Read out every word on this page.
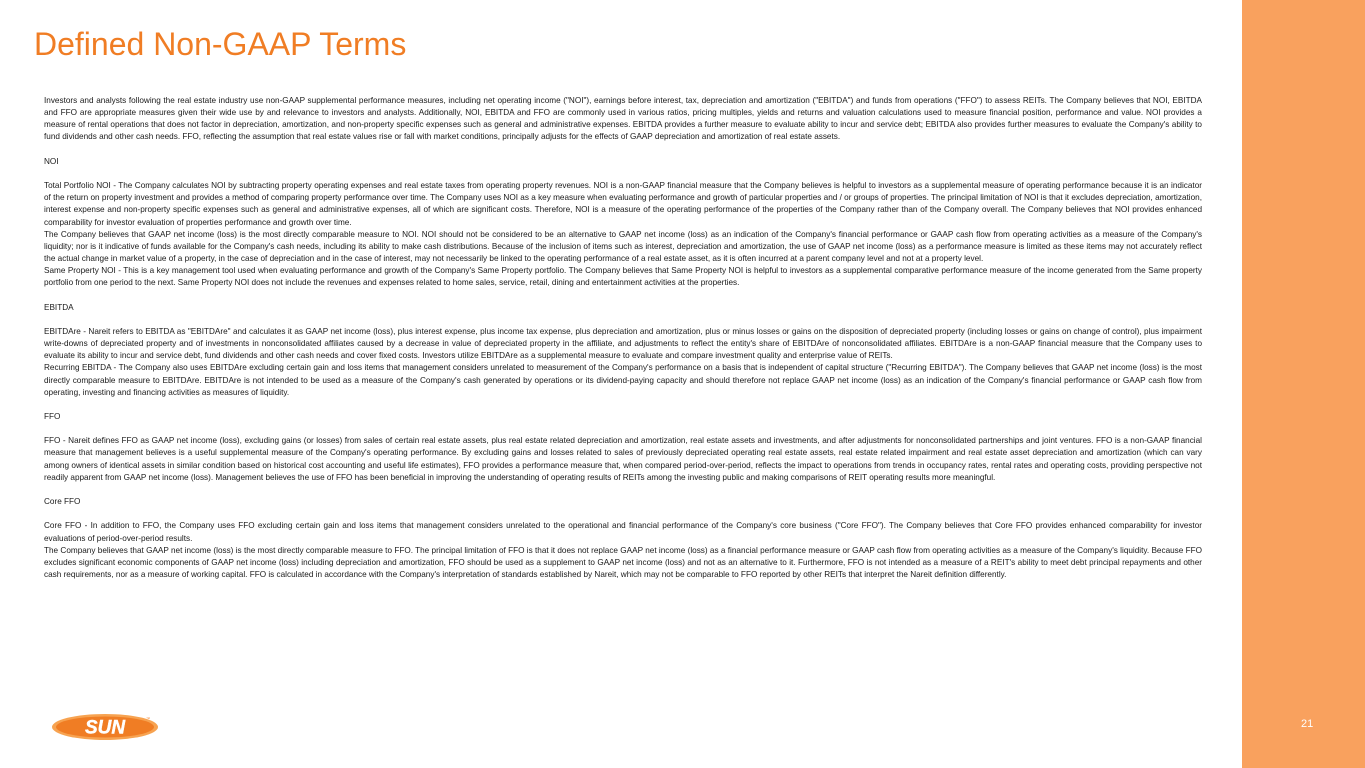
Defined Non-GAAP Terms

Investors and analysts following the real estate industry use non-GAAP supplemental performance measures, including net operating income ("NOI"), earnings before interest, tax, depreciation and amortization ("EBITDA") and funds from operations ("FFO") to assess REITs. The Company believes that NOI, EBITDA and FFO are appropriate measures given their wide use by and relevance to investors and analysts. Additionally, NOI, EBITDA and FFO are commonly used in various ratios, pricing multiples, yields and returns and valuation calculations used to measure financial position, performance and value. NOI provides a measure of rental operations that does not factor in depreciation, amortization, and non-property specific expenses such as general and administrative expenses. EBITDA provides a further measure to evaluate ability to incur and service debt; EBITDA also provides further measures to evaluate the Company's ability to fund dividends and other cash needs. FFO, reflecting the assumption that real estate values rise or fall with market conditions, principally adjusts for the effects of GAAP depreciation and amortization of real estate assets.

NOI

Total Portfolio NOI - The Company calculates NOI by subtracting property operating expenses and real estate taxes from operating property revenues. NOI is a non-GAAP financial measure that the Company believes is helpful to investors as a supplemental measure of operating performance because it is an indicator of the return on property investment and provides a method of comparing property performance over time. The Company uses NOI as a key measure when evaluating performance and growth of particular properties and / or groups of properties. The principal limitation of NOI is that it excludes depreciation, amortization, interest expense and non-property specific expenses such as general and administrative expenses, all of which are significant costs. Therefore, NOI is a measure of the operating performance of the properties of the Company rather than of the Company overall. The Company believes that NOI provides enhanced comparability for investor evaluation of properties performance and growth over time.

The Company believes that GAAP net income (loss) is the most directly comparable measure to NOI. NOI should not be considered to be an alternative to GAAP net income (loss) as an indication of the Company's financial performance or GAAP cash flow from operating activities as a measure of the Company's liquidity; nor is it indicative of funds available for the Company's cash needs, including its ability to make cash distributions. Because of the inclusion of items such as interest, depreciation and amortization, the use of GAAP net income (loss) as a performance measure is limited as these items may not accurately reflect the actual change in market value of a property, in the case of depreciation and in the case of interest, may not necessarily be linked to the operating performance of a real estate asset, as it is often incurred at a parent company level and not at a property level.

Same Property NOI - This is a key management tool used when evaluating performance and growth of the Company's Same Property portfolio. The Company believes that Same Property NOI is helpful to investors as a supplemental comparative performance measure of the income generated from the Same property portfolio from one period to the next. Same Property NOI does not include the revenues and expenses related to home sales, service, retail, dining and entertainment activities at the properties.

EBITDA

EBITDAre - Nareit refers to EBITDA as "EBITDAre" and calculates it as GAAP net income (loss), plus interest expense, plus income tax expense, plus depreciation and amortization, plus or minus losses or gains on the disposition of depreciated property (including losses or gains on change of control), plus impairment write-downs of depreciated property and of investments in nonconsolidated affiliates caused by a decrease in value of depreciated property in the affiliate, and adjustments to reflect the entity's share of EBITDAre of nonconsolidated affiliates. EBITDAre is a non-GAAP financial measure that the Company uses to evaluate its ability to incur and service debt, fund dividends and other cash needs and cover fixed costs. Investors utilize EBITDAre as a supplemental measure to evaluate and compare investment quality and enterprise value of REITs.

Recurring EBITDA - The Company also uses EBITDAre excluding certain gain and loss items that management considers unrelated to measurement of the Company's performance on a basis that is independent of capital structure ("Recurring EBITDA"). The Company believes that GAAP net income (loss) is the most directly comparable measure to EBITDAre. EBITDAre is not intended to be used as a measure of the Company's cash generated by operations or its dividend-paying capacity and should therefore not replace GAAP net income (loss) as an indication of the Company's financial performance or GAAP cash flow from operating, investing and financing activities as measures of liquidity.

FFO

FFO - Nareit defines FFO as GAAP net income (loss), excluding gains (or losses) from sales of certain real estate assets, plus real estate related depreciation and amortization, real estate assets and investments, and after adjustments for nonconsolidated partnerships and joint ventures. FFO is a non-GAAP financial measure that management believes is a useful supplemental measure of the Company's operating performance. By excluding gains and losses related to sales of previously depreciated operating real estate assets, real estate related impairment and real estate asset depreciation and amortization (which can vary among owners of identical assets in similar condition based on historical cost accounting and useful life estimates), FFO provides a performance measure that, when compared period-over-period, reflects the impact to operations from trends in occupancy rates, rental rates and operating costs, providing perspective not readily apparent from GAAP net income (loss). Management believes the use of FFO has been beneficial in improving the understanding of operating results of REITs among the investing public and making comparisons of REIT operating results more meaningful.

Core FFO

Core FFO - In addition to FFO, the Company uses FFO excluding certain gain and loss items that management considers unrelated to the operational and financial performance of the Company's core business ("Core FFO"). The Company believes that Core FFO provides enhanced comparability for investor evaluations of period-over-period results.

The Company believes that GAAP net income (loss) is the most directly comparable measure to FFO. The principal limitation of FFO is that it does not replace GAAP net income (loss) as a financial performance measure or GAAP cash flow from operating activities as a measure of the Company's liquidity. Because FFO excludes significant economic components of GAAP net income (loss) including depreciation and amortization, FFO should be used as a supplement to GAAP net income (loss) and not as an alternative to it. Furthermore, FFO is not intended as a measure of a REIT's ability to meet debt principal repayments and other cash requirements, nor as a measure of working capital. FFO is calculated in accordance with the Company's interpretation of standards established by Nareit, which may not be comparable to FFO reported by other REITs that interpret the Nareit definition differently.

SUN	™	21
